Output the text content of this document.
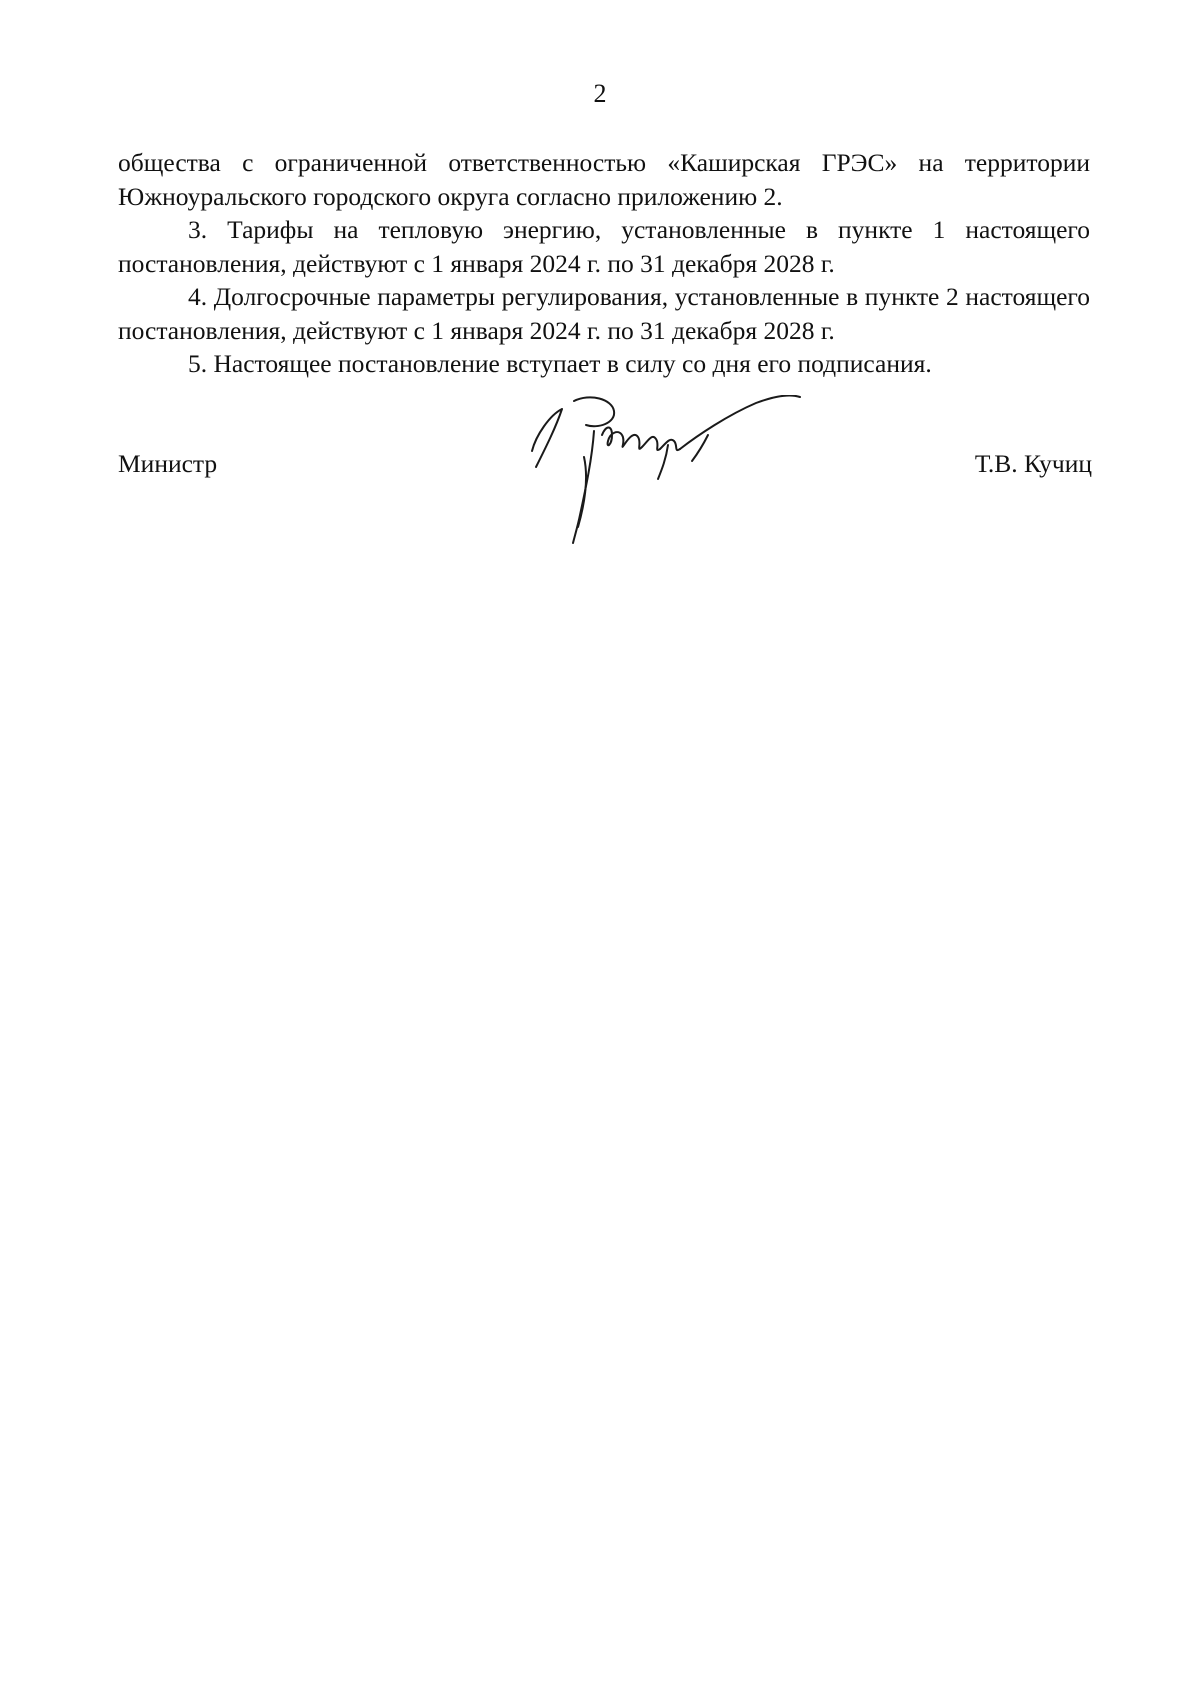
2

общества с ограниченной ответственностью «Каширская ГРЭС» на территории Южноуральского городского округа согласно приложению 2.

3. Тарифы на тепловую энергию, установленные в пункте 1 настоящего постановления, действуют с 1 января 2024 г. по 31 декабря 2028 г.

4. Долгосрочные параметры регулирования, установленные в пункте 2 настоящего постановления, действуют с 1 января 2024 г. по 31 декабря 2028 г.

5. Настоящее постановление вступает в силу со дня его подписания.

Министр	Т.В. Кучиц
